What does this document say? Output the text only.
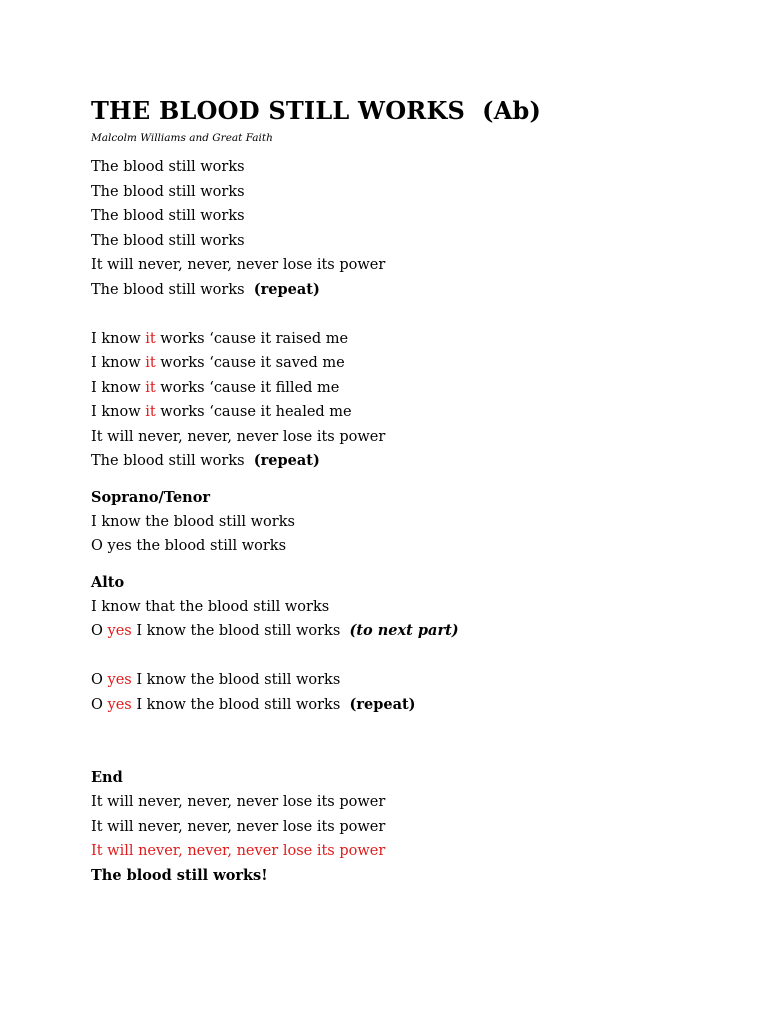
THE BLOOD STILL WORKS  (Ab)
Malcolm Williams and Great Faith

The blood still works

The blood still works

The blood still works

The blood still works

It will never, never, never lose its power

The blood still works  (repeat)

I know it works ‘cause it raised me

I know it works ‘cause it saved me

I know it works ‘cause it filled me

I know it works ‘cause it healed me

It will never, never, never lose its power

The blood still works  (repeat)

Soprano/Tenor

I know the blood still works

O yes the blood still works

Alto

I know that the blood still works

O yes I know the blood still works  (to next part)

O yes I know the blood still works

O yes I know the blood still works  (repeat)

End

It will never, never, never lose its power

It will never, never, never lose its power

It will never, never, never lose its power

The blood still works!
